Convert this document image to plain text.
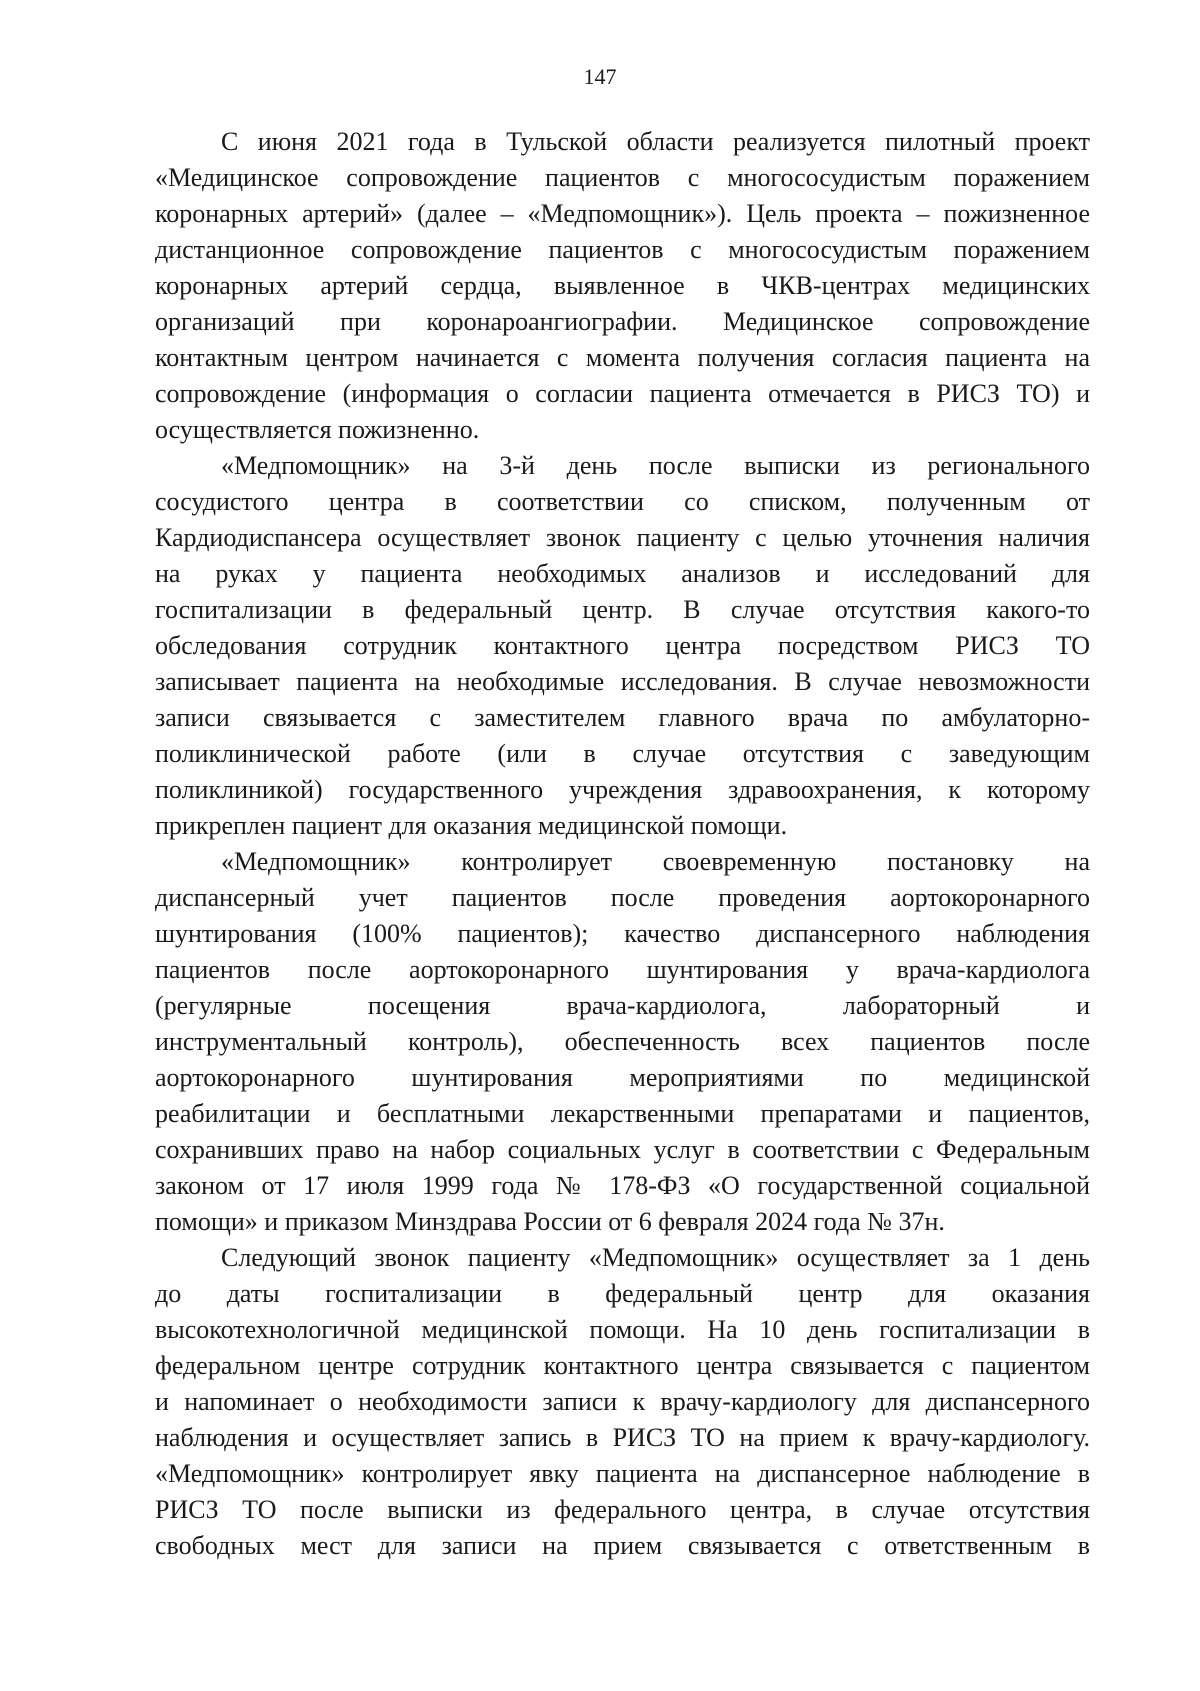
147
С июня 2021 года в Тульской области реализуется пилотный проект
«Медицинское сопровождение пациентов с многососудистым поражением
коронарных артерий» (далее – «Медпомощник»). Цель проекта – пожизненное
дистанционное сопровождение пациентов с многососудистым поражением
коронарных артерий сердца, выявленное в ЧКВ-центрах медицинских
организаций при коронароангиографии. Медицинское сопровождение
контактным центром начинается с момента получения согласия пациента на
сопровождение (информация о согласии пациента отмечается в РИСЗ ТО) и
осуществляется пожизненно.
«Медпомощник» на 3-й день после выписки из регионального
сосудистого центра в соответствии со списком, полученным от
Кардиодиспансера осуществляет звонок пациенту с целью уточнения наличия
на руках у пациента необходимых анализов и исследований для
госпитализации в федеральный центр. В случае отсутствия какого-то
обследования сотрудник контактного центра посредством РИСЗ ТО
записывает пациента на необходимые исследования. В случае невозможности
записи связывается с заместителем главного врача по амбулаторно-
поликлинической работе (или в случае отсутствия с заведующим
поликлиникой) государственного учреждения здравоохранения, к которому
прикреплен пациент для оказания медицинской помощи.
«Медпомощник» контролирует своевременную постановку на
диспансерный учет пациентов после проведения аортокоронарного
шунтирования (100% пациентов); качество диспансерного наблюдения
пациентов после аортокоронарного шунтирования у врача-кардиолога
(регулярные посещения врача-кардиолога, лабораторный и
инструментальный контроль), обеспеченность всех пациентов после
аортокоронарного шунтирования мероприятиями по медицинской
реабилитации и бесплатными лекарственными препаратами и пациентов,
сохранивших право на набор социальных услуг в соответствии с Федеральным
законом от 17 июля 1999 года № 178-ФЗ «О государственной социальной
помощи» и приказом Минздрава России от 6 февраля 2024 года № 37н.
Следующий звонок пациенту «Медпомощник» осуществляет за 1 день
до даты госпитализации в федеральный центр для оказания
высокотехнологичной медицинской помощи. На 10 день госпитализации в
федеральном центре сотрудник контактного центра связывается с пациентом
и напоминает о необходимости записи к врачу-кардиологу для диспансерного
наблюдения и осуществляет запись в РИСЗ ТО на прием к врачу-кардиологу.
«Медпомощник» контролирует явку пациента на диспансерное наблюдение в
РИСЗ ТО после выписки из федерального центра, в случае отсутствия
свободных мест для записи на прием связывается с ответственным в
